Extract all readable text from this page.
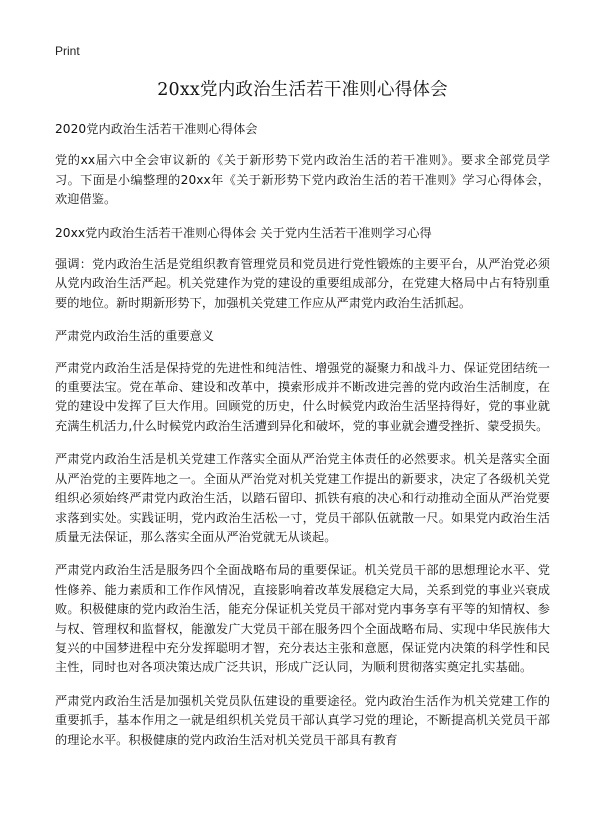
Print
20xx党内政治生活若干准则心得体会

2020党内政治生活若干准则心得体会

党的xx届六中全会审议新的《关于新形势下党内政治生活的若干准则》。要求全部党员学习。下面是小编整理的20xx年《关于新形势下党内政治生活的若干准则》学习心得体会，欢迎借鉴。

20xx党内政治生活若干准则心得体会 关于党内生活若干准则学习心得

强调：党内政治生活是党组织教育管理党员和党员进行党性锻炼的主要平台，从严治党必须从党内政治生活严起。机关党建作为党的建设的重要组成部分，在党建大格局中占有特别重要的地位。新时期新形势下，加强机关党建工作应从严肃党内政治生活抓起。

严肃党内政治生活的重要意义

严肃党内政治生活是保持党的先进性和纯洁性、增强党的凝聚力和战斗力、保证党团结统一的重要法宝。党在革命、建设和改革中，摸索形成并不断改进完善的党内政治生活制度，在党的建设中发挥了巨大作用。回顾党的历史，什么时候党内政治生活坚持得好，党的事业就充满生机活力,什么时候党内政治生活遭到异化和破坏，党的事业就会遭受挫折、蒙受损失。

严肃党内政治生活是机关党建工作落实全面从严治党主体责任的必然要求。机关是落实全面从严治党的主要阵地之一。全面从严治党对机关党建工作提出的新要求，决定了各级机关党组织必须始终严肃党内政治生活，以踏石留印、抓铁有痕的决心和行动推动全面从严治党要求落到实处。实践证明，党内政治生活松一寸，党员干部队伍就散一尺。如果党内政治生活质量无法保证，那么落实全面从严治党就无从谈起。

严肃党内政治生活是服务四个全面战略布局的重要保证。机关党员干部的思想理论水平、党性修养、能力素质和工作作风情况，直接影响着改革发展稳定大局，关系到党的事业兴衰成败。积极健康的党内政治生活，能充分保证机关党员干部对党内事务享有平等的知情权、参与权、管理权和监督权，能激发广大党员干部在服务四个全面战略布局、实现中华民族伟大复兴的中国梦进程中充分发挥聪明才智，充分表达主张和意愿，保证党内决策的科学性和民主性，同时也对各项决策达成广泛共识，形成广泛认同，为顺利贯彻落实奠定扎实基础。

严肃党内政治生活是加强机关党员队伍建设的重要途径。党内政治生活作为机关党建工作的重要抓手，基本作用之一就是组织机关党员干部认真学习党的理论，不断提高机关党员干部的理论水平。积极健康的党内政治生活对机关党员干部具有教育
